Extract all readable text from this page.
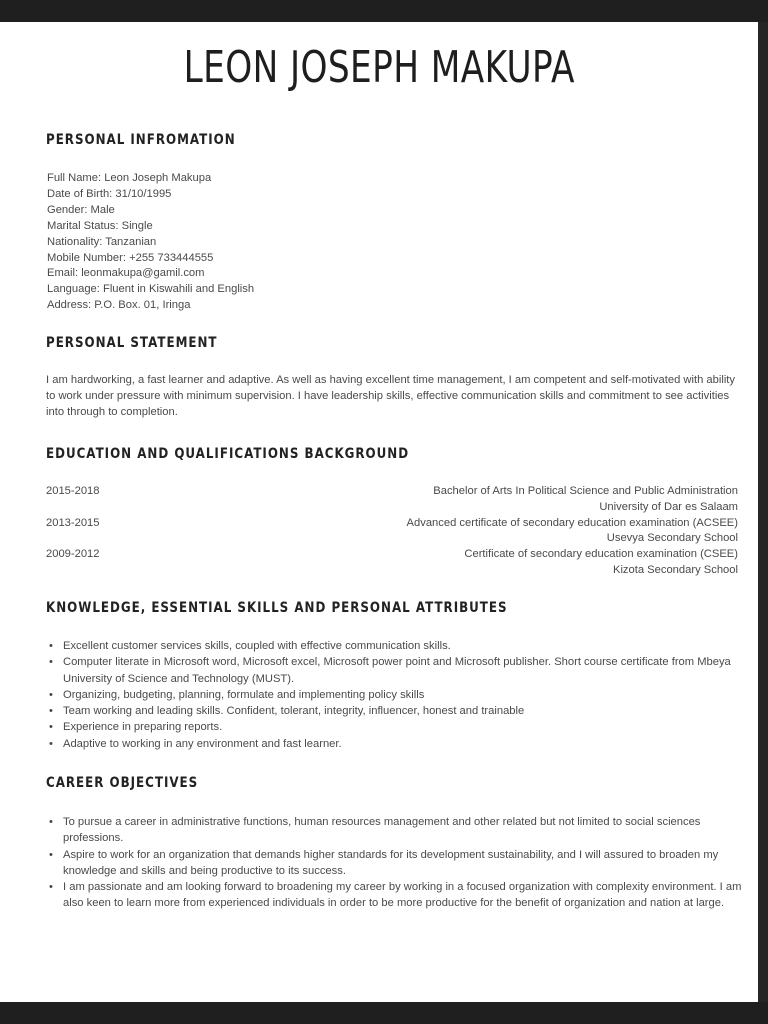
LEON JOSEPH MAKUPA
PERSONAL INFROMATION
Full Name: Leon Joseph Makupa
Date of Birth: 31/10/1995
Gender: Male
Marital Status: Single
Nationality: Tanzanian
Mobile Number: +255 733444555
Email: leonmakupa@gamil.com
Language: Fluent in Kiswahili and English
Address: P.O. Box. 01, Iringa
PERSONAL STATEMENT
I am hardworking, a fast learner and adaptive. As well as having excellent time management, I am competent and self-motivated with ability to work under pressure with minimum supervision. I have leadership skills, effective communication skills and commitment to see activities into through to completion.
EDUCATION AND QUALIFICATIONS BACKGROUND
2015-2018	Bachelor of Arts In Political Science and Public Administration
University of Dar es Salaam
2013-2015	Advanced certificate of secondary education examination (ACSEE)
Usevya Secondary School
2009-2012	Certificate of secondary education examination (CSEE)
Kizota Secondary School
KNOWLEDGE, ESSENTIAL SKILLS AND PERSONAL ATTRIBUTES
• Excellent customer services skills, coupled with effective communication skills.
• Computer literate in Microsoft word, Microsoft excel, Microsoft power point and Microsoft publisher. Short course certificate from Mbeya University of Science and Technology (MUST).
• Organizing, budgeting, planning, formulate and implementing policy skills
• Team working and leading skills. Confident, tolerant, integrity, influencer, honest and trainable
• Experience in preparing reports.
• Adaptive to working in any environment and fast learner.
CAREER OBJECTIVES
• To pursue a career in administrative functions, human resources management and other related but not limited to social sciences professions.
• Aspire to work for an organization that demands higher standards for its development sustainability, and I will assured to broaden my knowledge and skills and being productive to its success.
• I am passionate and am looking forward to broadening my career by working in a focused organization with complexity environment. I am also keen to learn more from experienced individuals in order to be more productive for the benefit of organization and nation at large.
